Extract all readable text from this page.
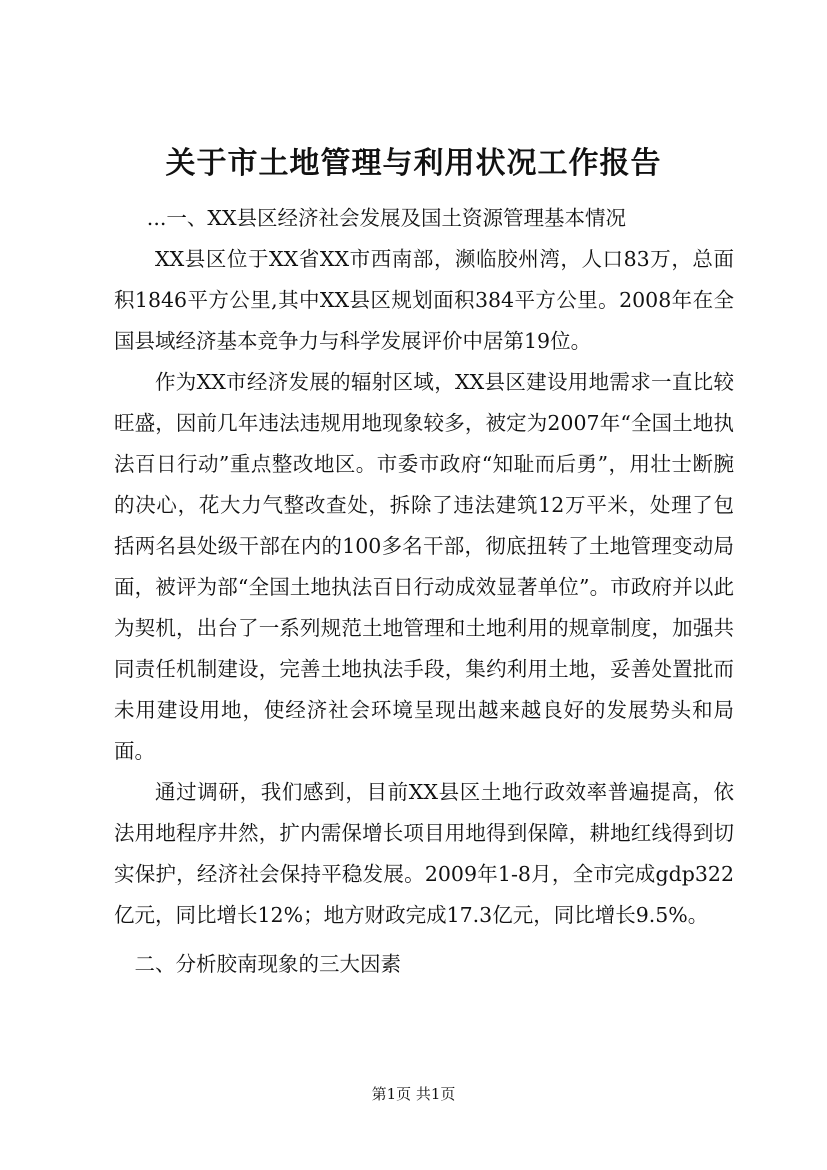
关于市土地管理与利用状况工作报告

...一、XX县区经济社会发展及国土资源管理基本情况

XX县区位于XX省XX市西南部，濒临胶州湾，人口83万，总面积1846平方公里,其中XX县区规划面积384平方公里。2008年在全国县域经济基本竞争力与科学发展评价中居第19位。

作为XX市经济发展的辐射区域，XX县区建设用地需求一直比较旺盛，因前几年违法违规用地现象较多，被定为2007年“全国土地执法百日行动”重点整改地区。市委市政府“知耻而后勇”，用壮士断腕的决心，花大力气整改查处，拆除了违法建筑12万平米，处理了包括两名县处级干部在内的100多名干部，彻底扭转了土地管理变动局面，被评为部“全国土地执法百日行动成效显著单位”。市政府并以此为契机，出台了一系列规范土地管理和土地利用的规章制度，加强共同责任机制建设，完善土地执法手段，集约利用土地，妥善处置批而未用建设用地，使经济社会环境呈现出越来越良好的发展势头和局面。

通过调研，我们感到，目前XX县区土地行政效率普遍提高，依法用地程序井然，扩内需保增长项目用地得到保障，耕地红线得到切实保护，经济社会保持平稳发展。2009年1-8月，全市完成gdp322亿元，同比增长12%；地方财政完成17.3亿元，同比增长9.5%。

二、分析胶南现象的三大因素

第1页 共1页
